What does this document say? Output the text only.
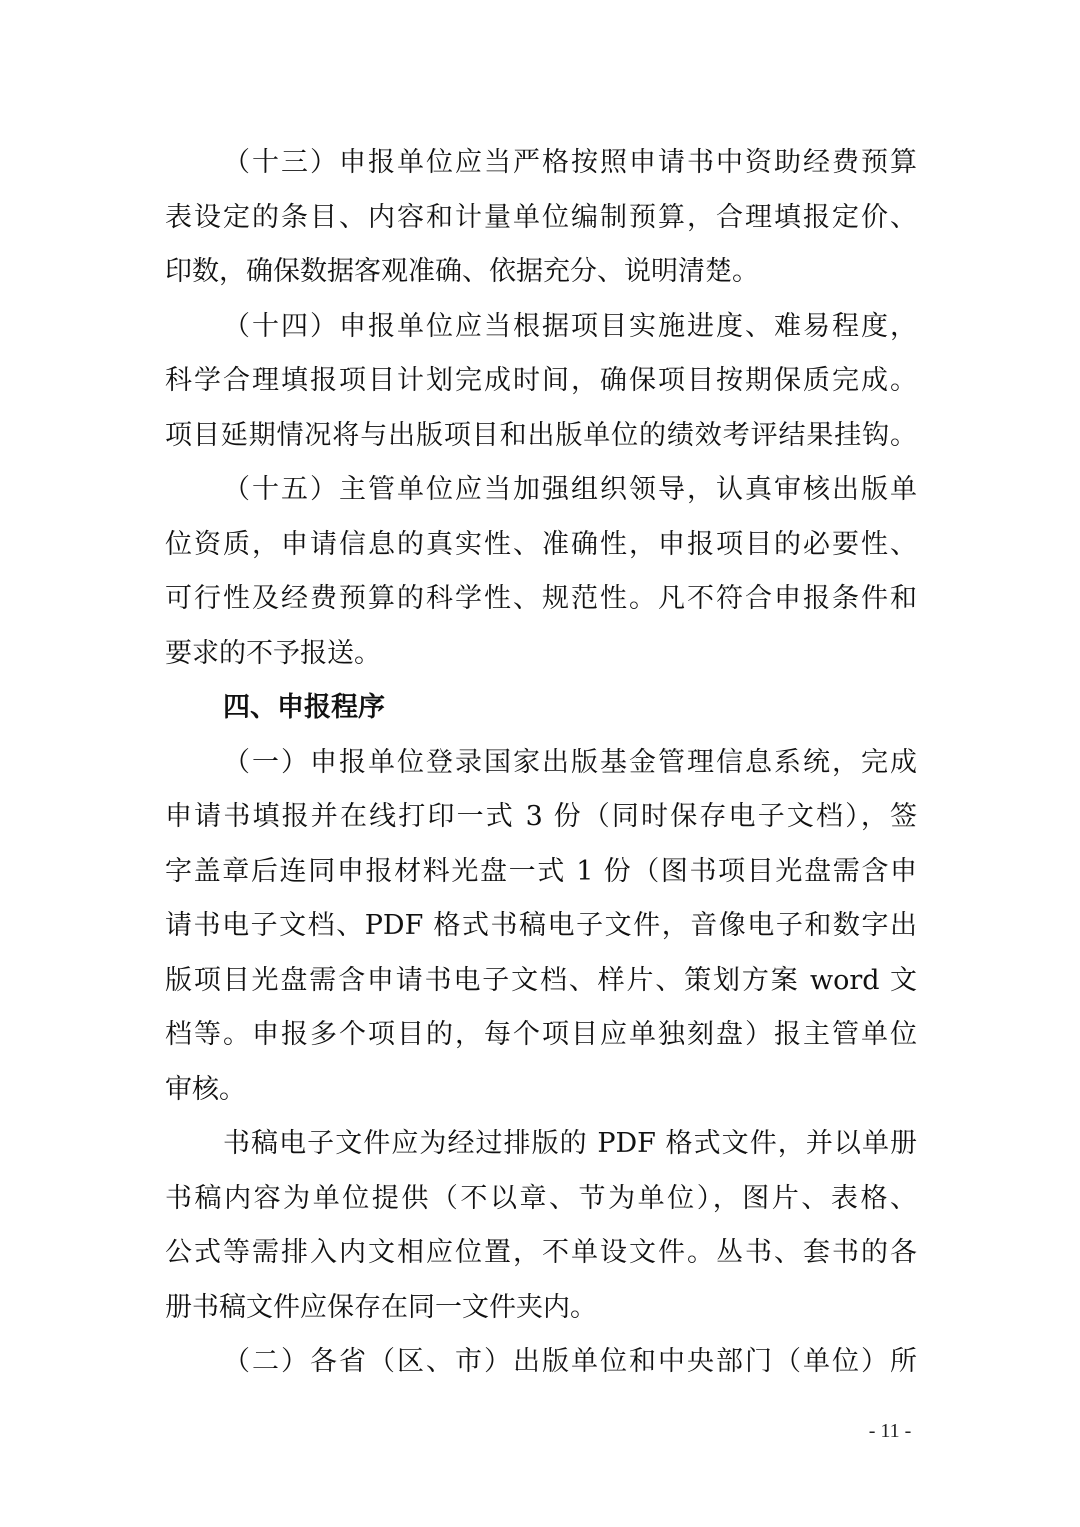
（十三）申报单位应当严格按照申请书中资助经费预算
表设定的条目、内容和计量单位编制预算，合理填报定价、
印数，确保数据客观准确、依据充分、说明清楚。
（十四）申报单位应当根据项目实施进度、难易程度，
科学合理填报项目计划完成时间，确保项目按期保质完成。
项目延期情况将与出版项目和出版单位的绩效考评结果挂钩。
（十五）主管单位应当加强组织领导，认真审核出版单
位资质，申请信息的真实性、准确性，申报项目的必要性、
可行性及经费预算的科学性、规范性。凡不符合申报条件和
要求的不予报送。
四、申报程序
（一）申报单位登录国家出版基金管理信息系统，完成
申请书填报并在线打印一式 3 份（同时保存电子文档），签
字盖章后连同申报材料光盘一式 1 份（图书项目光盘需含申
请书电子文档、PDF 格式书稿电子文件，音像电子和数字出
版项目光盘需含申请书电子文档、样片、策划方案 word 文
档等。申报多个项目的，每个项目应单独刻盘）报主管单位
审核。
书稿电子文件应为经过排版的 PDF 格式文件，并以单册
书稿内容为单位提供（不以章、节为单位），图片、表格、
公式等需排入内文相应位置，不单设文件。丛书、套书的各
册书稿文件应保存在同一文件夹内。
（二）各省（区、市）出版单位和中央部门（单位）所
- 11 -
